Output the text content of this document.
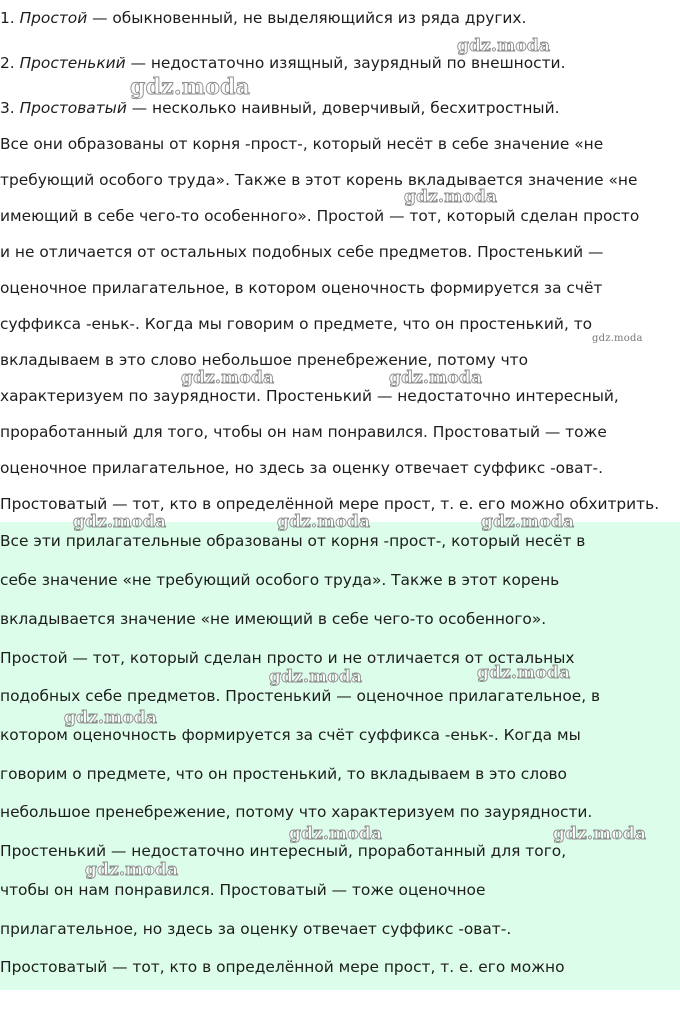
1. Простой — обыкновенный, не выделяющийся из ряда других.

2. Простенький — недостаточно изящный, заурядный по внешности.

3. Простоватый — несколько наивный, доверчивый, бесхитростный.

Все они образованы от корня -прост-, который несёт в себе значение «не

требующий особого труда». Также в этот корень вкладывается значение «не

имеющий в себе чего-то особенного». Простой — тот, который сделан просто

и не отличается от остальных подобных себе предметов. Простенький —

оценочное прилагательное, в котором оценочность формируется за счёт

суффикса -еньк-. Когда мы говорим о предмете, что он простенький, то

вкладываем в это слово небольшое пренебрежение, потому что

характеризуем по заурядности. Простенький — недостаточно интересный,

проработанный для того, чтобы он нам понравился. Простоватый — тоже

оценочное прилагательное, но здесь за оценку отвечает суффикс -оват-.

Простоватый — тот, кто в определённой мере прост, т. е. его можно обхитрить.

Все эти прилагательные образованы от корня -прост-, который несёт в

себе значение «не требующий особого труда». Также в этот корень

вкладывается значение «не имеющий в себе чего-то особенного».

Простой — тот, который сделан просто и не отличается от остальных

подобных себе предметов. Простенький — оценочное прилагательное, в

котором оценочность формируется за счёт суффикса -еньк-. Когда мы

говорим о предмете, что он простенький, то вкладываем в это слово

небольшое пренебрежение, потому что характеризуем по заурядности.

Простенький — недостаточно интересный, проработанный для того,

чтобы он нам понравился. Простоватый — тоже оценочное

прилагательное, но здесь за оценку отвечает суффикс -оват-.

Простоватый — тот, кто в определённой мере прост, т. е. его можно

gdz.moda
gdz.moda
gdz.moda
gdz.moda
gdz.moda	gdz.moda
gdz.moda	gdz.moda	gdz.moda
gdz.moda	gdz.moda
gdz.moda
gdz.moda	gdz.moda
gdz.moda
